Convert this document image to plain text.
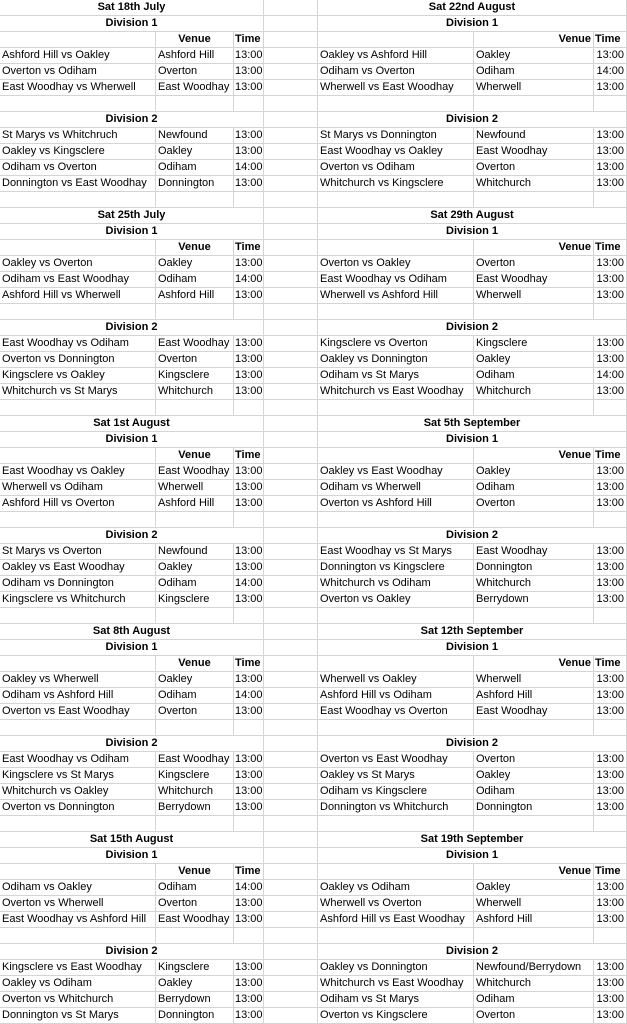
Sat 18th July	Sat 22nd August
Division 1	Division 1
Venue	Time	Venue Time
Ashford Hill vs Oakley	Ashford Hill	13:00	Oakley vs Ashford Hill	Oakley	13:00
Overton vs Odiham	Overton	13:00	Odiham vs Overton	Odiham	14:00
East Woodhay vs Wherwell	East Woodhay 13:00	Wherwell vs East Woodhay	Wherwell	13:00
Division 2	Division 2
St Marys vs Whitchruch	Newfound	13:00	St Marys vs Donnington	Newfound	13:00
Oakley vs Kingsclere	Oakley	13:00	East Woodhay vs Oakley	East Woodhay	13:00
Odiham vs Overton	Odiham	14:00	Overton vs Odiham	Overton	13:00
Donnington vs East Woodhay	Donnington	13:00	Whitchurch vs Kingsclere	Whitchurch	13:00
Sat 25th July	Sat 29th August
Division 1	Division 1
Venue	Time	Venue Time
Oakley vs Overton	Oakley	13:00	Overton vs Oakley	Overton	13:00
Odiham vs East Woodhay	Odiham	14:00	East Woodhay vs Odiham	East Woodhay	13:00
Ashford Hill vs Wherwell	Ashford Hill	13:00	Wherwell vs Ashford Hill	Wherwell	13:00
Division 2	Division 2
East Woodhay vs Odiham	East Woodhay 13:00	Kingsclere vs Overton	Kingsclere	13:00
Overton vs Donnington	Overton	13:00	Oakley vs Donnington	Oakley	13:00
Kingsclere vs Oakley	Kingsclere	13:00	Odiham vs St Marys	Odiham	14:00
Whitchurch vs St Marys	Whitchurch	13:00	Whitchurch vs East Woodhay	Whitchurch	13:00
Sat 1st August	Sat 5th September
Division 1	Division 1
Venue	Time	Venue Time
East Woodhay vs Oakley	East Woodhay 13:00	Oakley vs East Woodhay	Oakley	13:00
Wherwell vs Odiham	Wherwell	13:00	Odiham vs Wherwell	Odiham	13:00
Ashford Hill vs Overton	Ashford Hill	13:00	Overton vs Ashford Hill	Overton	13:00
Division 2	Division 2
St Marys vs Overton	Newfound	13:00	East Woodhay vs St Marys	East Woodhay	13:00
Oakley vs East Woodhay	Oakley	13:00	Donnington vs Kingsclere	Donnington	13:00
Odiham vs Donnington	Odiham	14:00	Whitchurch vs Odiham	Whitchurch	13:00
Kingsclere vs Whitchurch	Kingsclere	13:00	Overton vs Oakley	Berrydown	13:00
Sat 8th August	Sat 12th September
Division 1	Division 1
Venue	Time	Venue Time
Oakley vs Wherwell	Oakley	13:00	Wherwell vs Oakley	Wherwell	13:00
Odiham vs Ashford Hill	Odiham	14:00	Ashford Hill vs Odiham	Ashford Hill	13:00
Overton vs East Woodhay	Overton	13:00	East Woodhay vs Overton	East Woodhay	13:00
Division 2	Division 2
East Woodhay vs Odiham	East Woodhay 13:00	Overton vs East Woodhay	Overton	13:00
Kingsclere vs St Marys	Kingsclere	13:00	Oakley vs St Marys	Oakley	13:00
Whitchurch vs Oakley	Whitchurch	13:00	Odiham vs Kingsclere	Odiham	13:00
Overton vs Donnington	Berrydown	13:00	Donnington vs Whitchurch	Donnington	13:00
Sat 15th August	Sat 19th September
Division 1	Division 1
Venue	Time	Venue Time
Odiham vs Oakley	Odiham	14:00	Oakley vs Odiham	Oakley	13:00
Overton vs Wherwell	Overton	13:00	Wherwell vs Overton	Wherwell	13:00
East Woodhay vs Ashford Hill	East Woodhay 13:00	Ashford Hill vs East Woodhay	Ashford Hill	13:00
Division 2	Division 2
Kingsclere vs East Woodhay	Kingsclere	13:00	Oakley vs Donnington	Newfound/Berrydown	13:00
Oakley vs Odiham	Oakley	13:00	Whitchurch vs East Woodhay	Whitchurch	13:00
Overton vs Whitchurch	Berrydown	13:00	Odiham vs St Marys	Odiham	13:00
Donnington vs St Marys	Donnington	13:00	Overton vs Kingsclere	Overton	13:00
